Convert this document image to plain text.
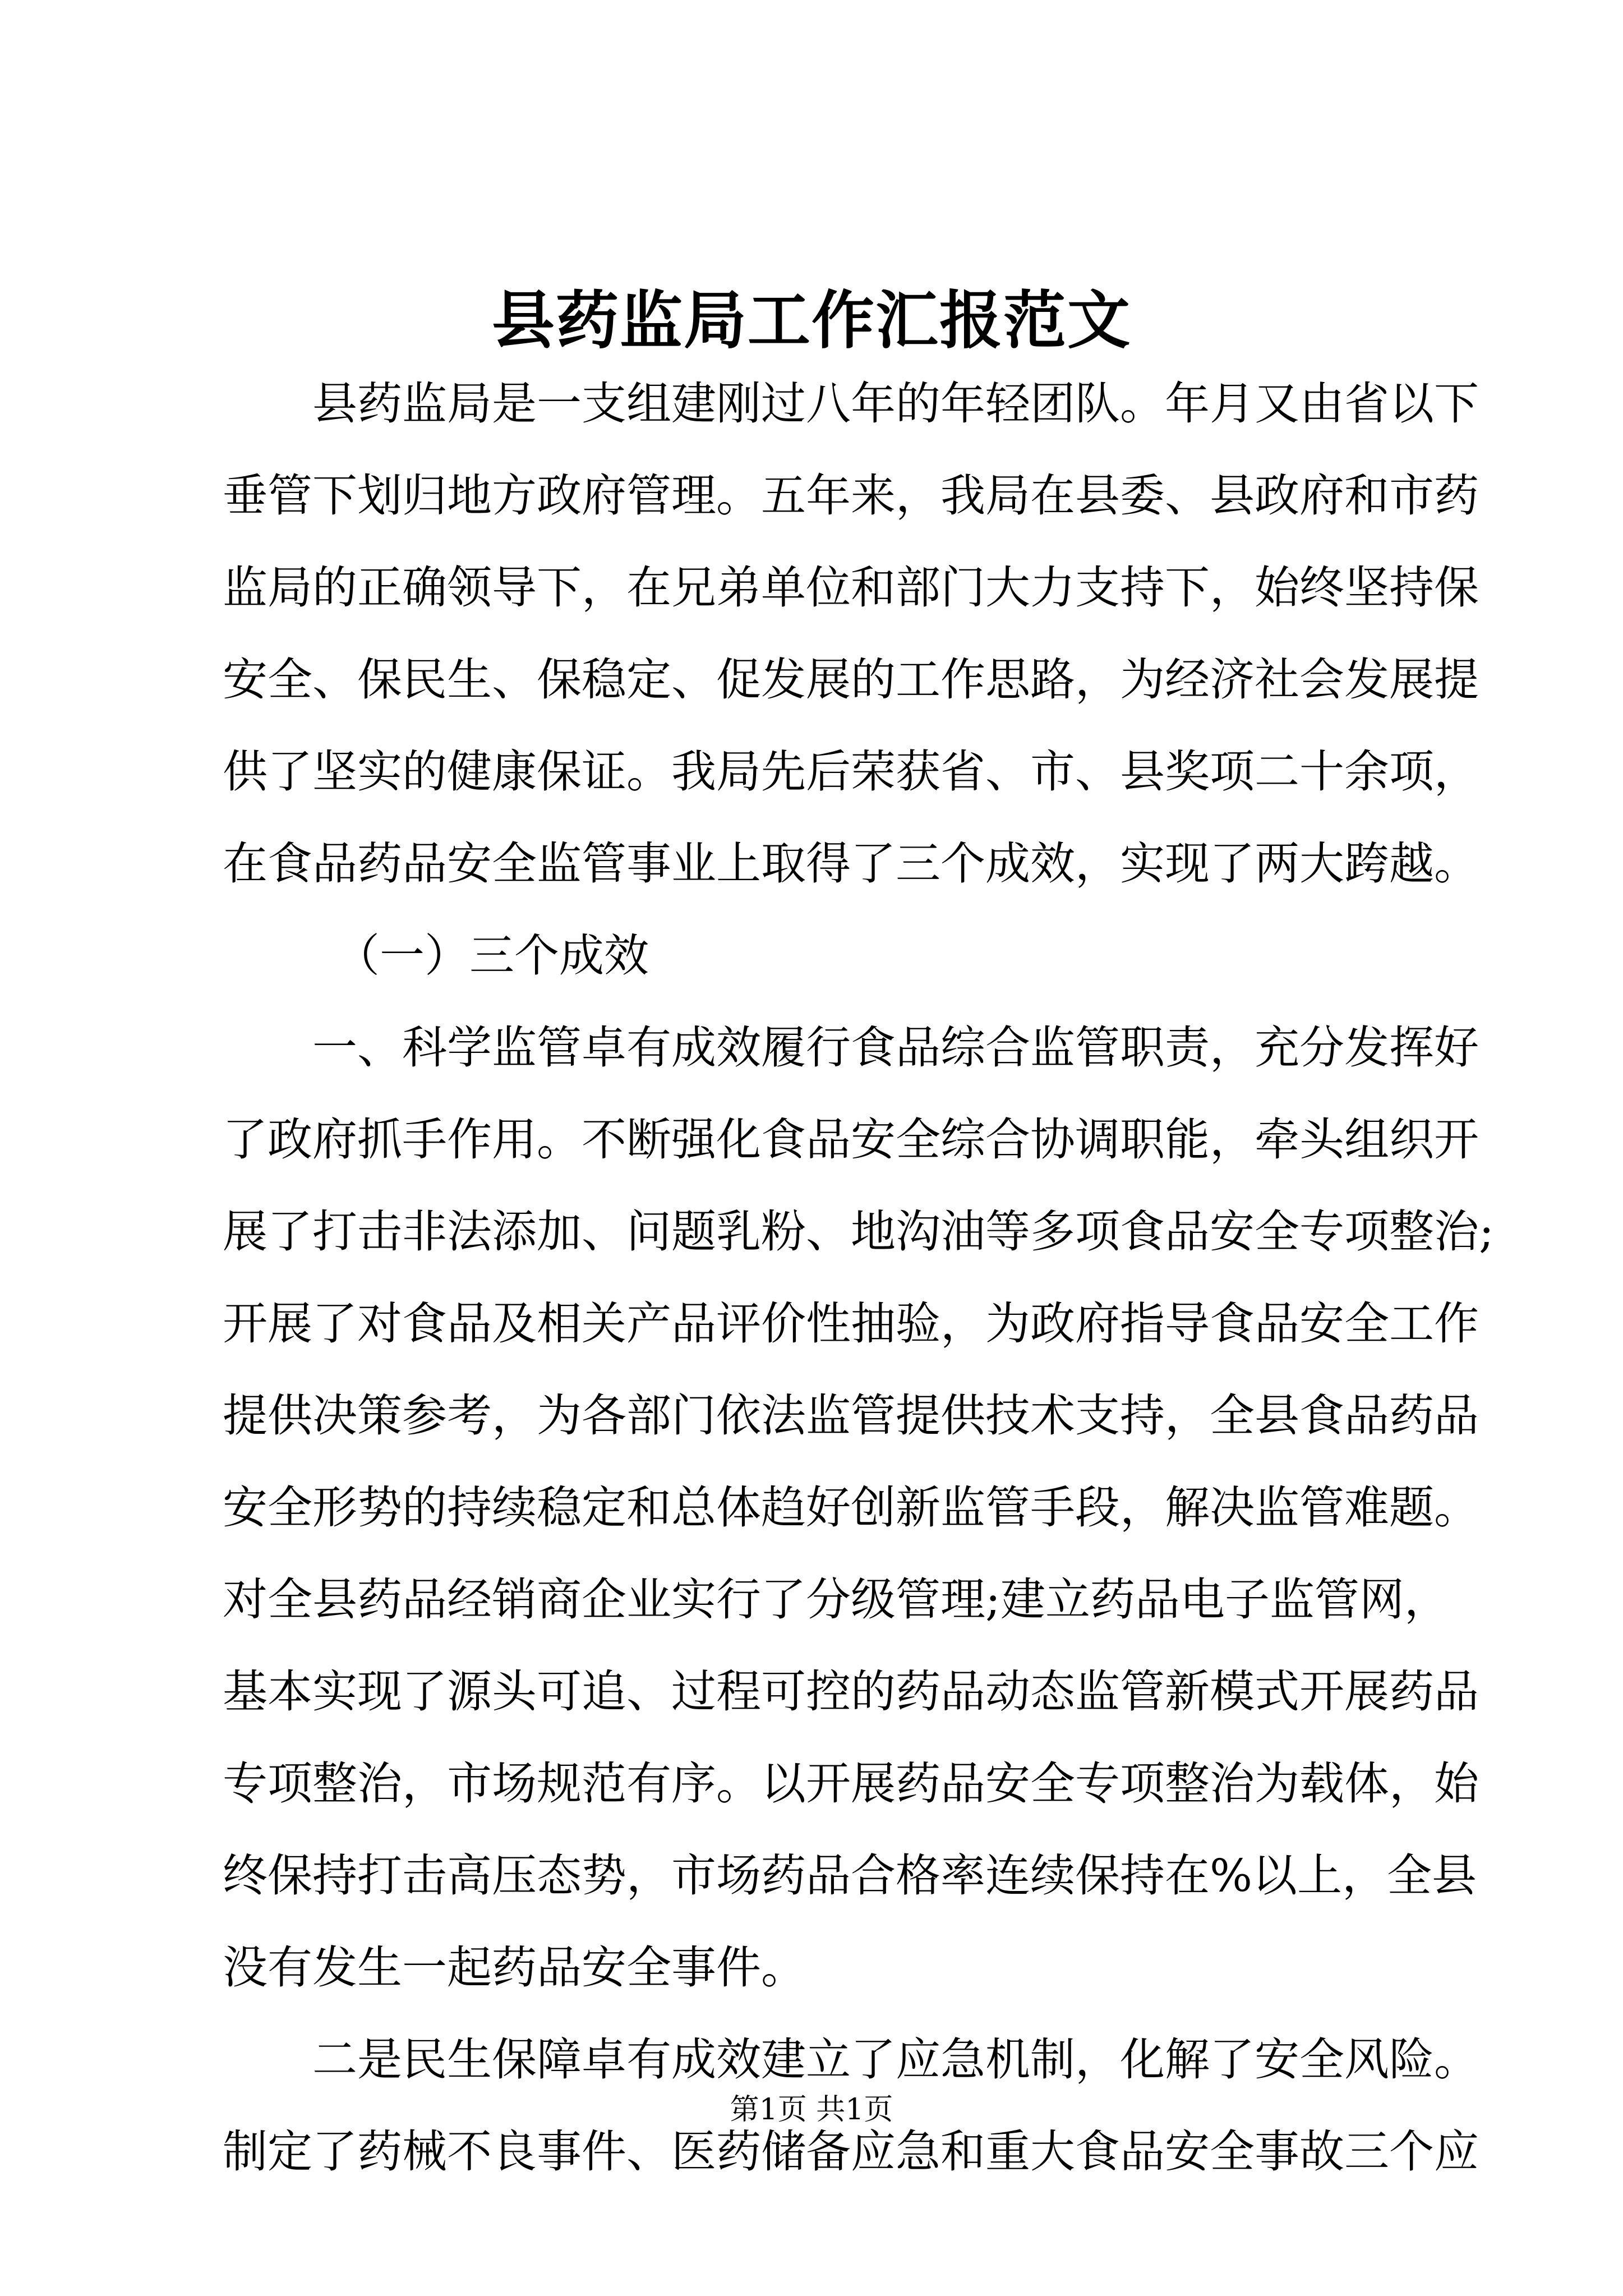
县药监局工作汇报范文
县药监局是一支组建刚过八年的年轻团队。年月又由省以下
垂管下划归地方政府管理。五年来，我局在县委、县政府和市药
监局的正确领导下，在兄弟单位和部门大力支持下，始终坚持保
安全、保民生、保稳定、促发展的工作思路，为经济社会发展提
供了坚实的健康保证。我局先后荣获省、市、县奖项二十余项，
在食品药品安全监管事业上取得了三个成效，实现了两大跨越。
（一）三个成效
一、科学监管卓有成效履行食品综合监管职责，充分发挥好
了政府抓手作用。不断强化食品安全综合协调职能，牵头组织开
展了打击非法添加、问题乳粉、地沟油等多项食品安全专项整治;
开展了对食品及相关产品评价性抽验，为政府指导食品安全工作
提供决策参考，为各部门依法监管提供技术支持，全县食品药品
安全形势的持续稳定和总体趋好创新监管手段，解决监管难题。
对全县药品经销商企业实行了分级管理;建立药品电子监管网，
基本实现了源头可追、过程可控的药品动态监管新模式开展药品
专项整治，市场规范有序。以开展药品安全专项整治为载体，始
终保持打击高压态势，市场药品合格率连续保持在%以上，全县
没有发生一起药品安全事件。
二是民生保障卓有成效建立了应急机制，化解了安全风险。
制定了药械不良事件、医药储备应急和重大食品安全事故三个应
第1页 共1页
